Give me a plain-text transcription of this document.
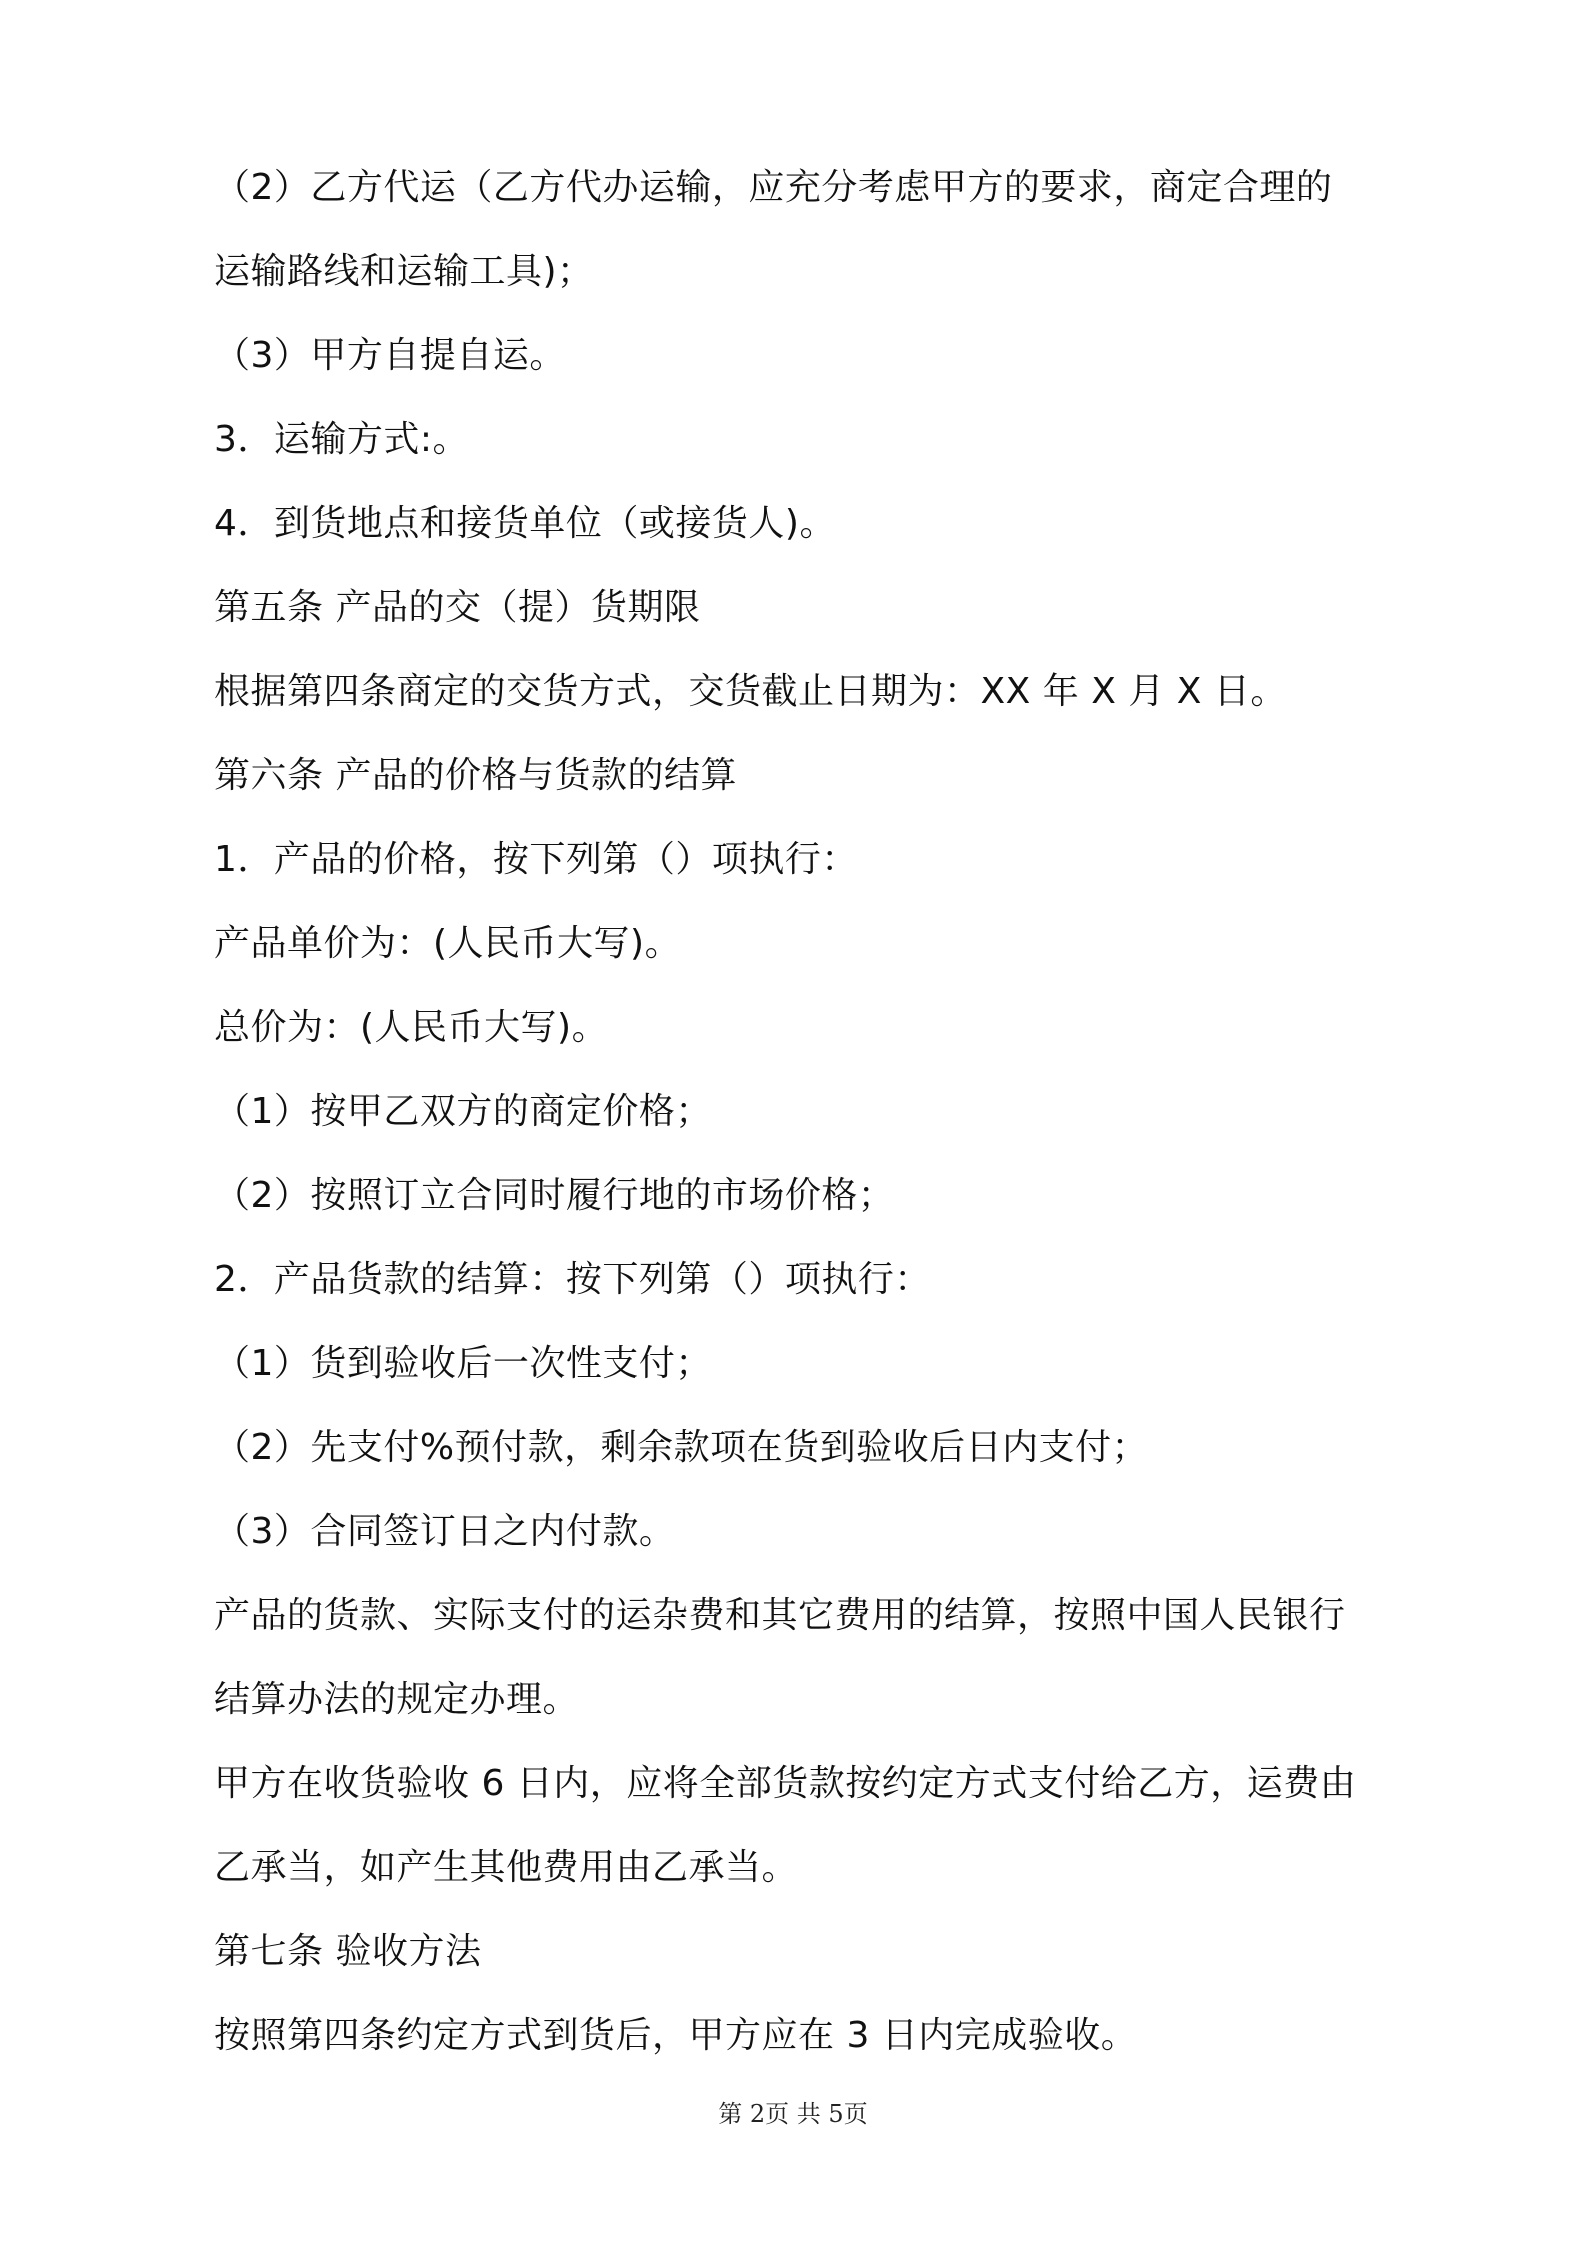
（2）乙方代运（乙方代办运输，应充分考虑甲方的要求，商定合理的
运输路线和运输工具)；
（3）甲方自提自运。
3．运输方式:。
4．到货地点和接货单位（或接货人)。
第五条 产品的交（提）货期限
根据第四条商定的交货方式，交货截止日期为：XX 年 X 月 X 日。
第六条 产品的价格与货款的结算
1．产品的价格，按下列第（）项执行：
产品单价为：(人民币大写)。
总价为：(人民币大写)。
（1）按甲乙双方的商定价格；
（2）按照订立合同时履行地的市场价格；
2．产品货款的结算：按下列第（）项执行：
（1）货到验收后一次性支付；
（2）先支付%预付款，剩余款项在货到验收后日内支付；
（3）合同签订日之内付款。
产品的货款、实际支付的运杂费和其它费用的结算，按照中国人民银行
结算办法的规定办理。
甲方在收货验收 6 日内，应将全部货款按约定方式支付给乙方，运费由
乙承当，如产生其他费用由乙承当。
第七条 验收方法
按照第四条约定方式到货后，甲方应在 3 日内完成验收。
第 2页 共 5页
